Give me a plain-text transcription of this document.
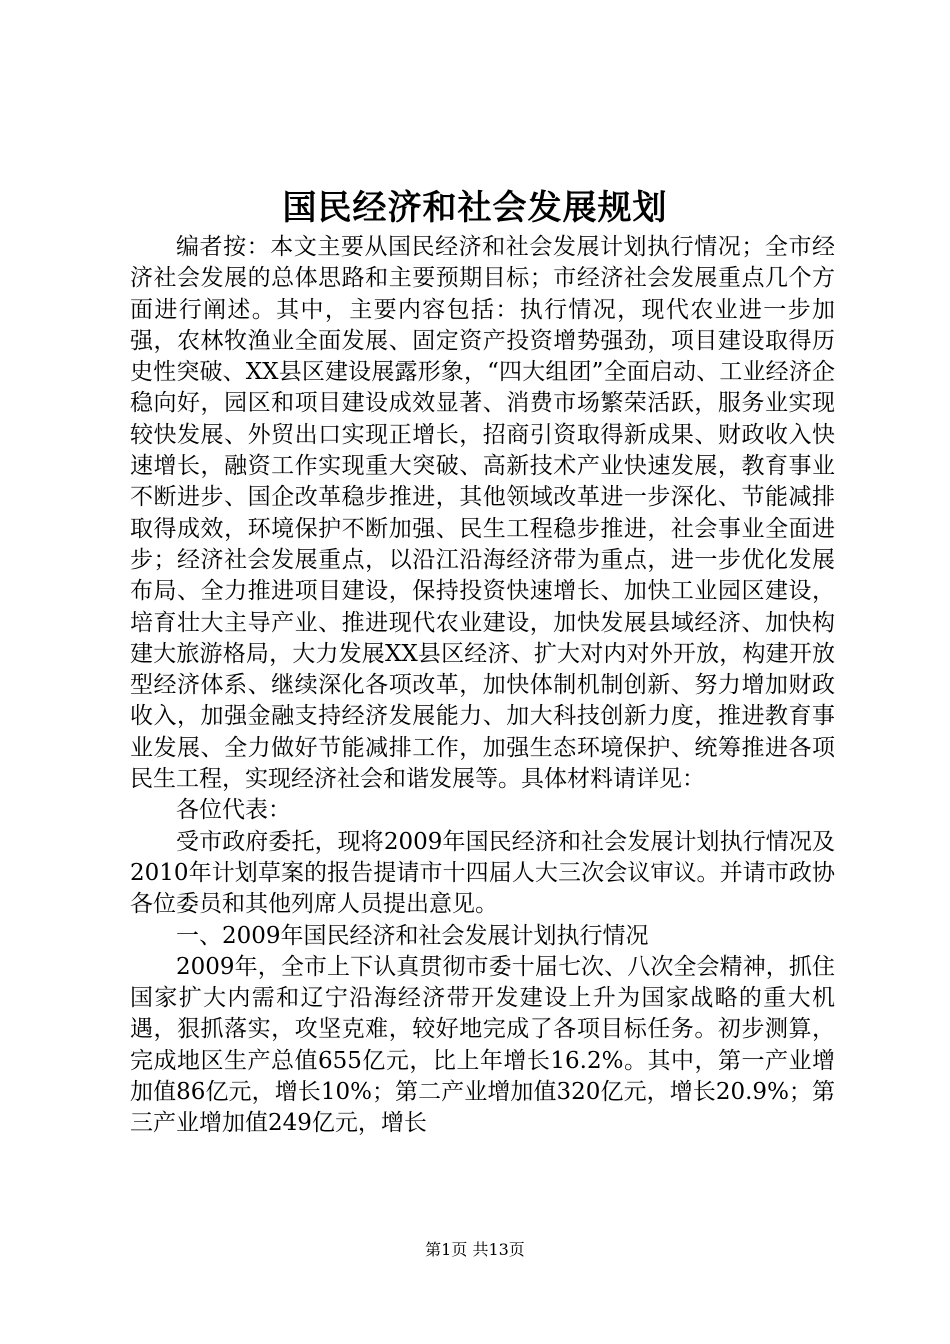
国民经济和社会发展规划

编者按：本文主要从国民经济和社会发展计划执行情况；全市经济社会发展的总体思路和主要预期目标；市经济社会发展重点几个方面进行阐述。其中，主要内容包括：执行情况，现代农业进一步加强，农林牧渔业全面发展、固定资产投资增势强劲，项目建设取得历史性突破、XX县区建设展露形象，“四大组团”全面启动、工业经济企稳向好，园区和项目建设成效显著、消费市场繁荣活跃，服务业实现较快发展、外贸出口实现正增长，招商引资取得新成果、财政收入快速增长，融资工作实现重大突破、高新技术产业快速发展，教育事业不断进步、国企改革稳步推进，其他领域改革进一步深化、节能减排取得成效，环境保护不断加强、民生工程稳步推进，社会事业全面进步；经济社会发展重点，以沿江沿海经济带为重点，进一步优化发展布局、全力推进项目建设，保持投资快速增长、加快工业园区建设，培育壮大主导产业、推进现代农业建设，加快发展县域经济、加快构建大旅游格局，大力发展XX县区经济、扩大对内对外开放，构建开放型经济体系、继续深化各项改革，加快体制机制创新、努力增加财政收入，加强金融支持经济发展能力、加大科技创新力度，推进教育事业发展、全力做好节能减排工作，加强生态环境保护、统筹推进各项民生工程，实现经济社会和谐发展等。具体材料请详见：

各位代表：

受市政府委托，现将2009年国民经济和社会发展计划执行情况及2010年计划草案的报告提请市十四届人大三次会议审议。并请市政协各位委员和其他列席人员提出意见。

一、2009年国民经济和社会发展计划执行情况

2009年，全市上下认真贯彻市委十届七次、八次全会精神，抓住国家扩大内需和辽宁沿海经济带开发建设上升为国家战略的重大机遇，狠抓落实，攻坚克难，较好地完成了各项目标任务。初步测算，完成地区生产总值655亿元，比上年增长16.2%。其中，第一产业增加值86亿元，增长10%；第二产业增加值320亿元，增长20.9%；第三产业增加值249亿元，增长

第1页 共13页
